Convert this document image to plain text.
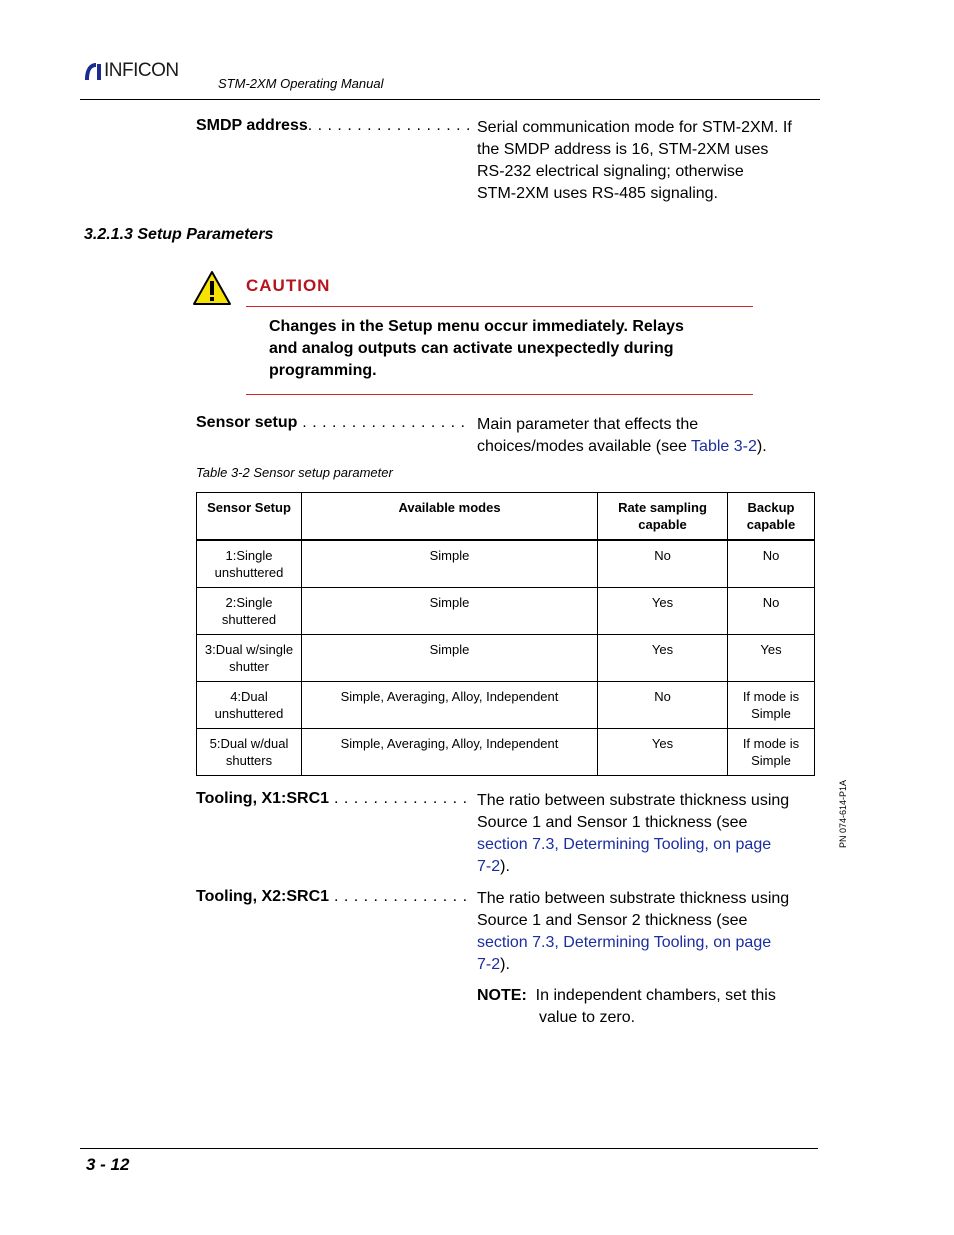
INFICON
STM-2XM Operating Manual
SMDP address. . . . . . . . . . . . . . . . . Serial communication mode for STM-2XM. If
the SMDP address is 16, STM-2XM uses
RS-232 electrical signaling; otherwise
STM-2XM uses RS-485 signaling.
3.2.1.3 Setup Parameters
CAUTION
Changes in the Setup menu occur immediately. Relays
and analog outputs can activate unexpectedly during
programming.
Sensor setup . . . . . . . . . . . . . . . . . Main parameter that effects the
choices/modes available (see Table 3-2).
Table 3-2 Sensor setup parameter
Sensor Setup	Available modes	Rate sampling capable	Backup capable
1:Single unshuttered	Simple	No	No
2:Single shuttered	Simple	Yes	No
3:Dual w/single shutter	Simple	Yes	Yes
4:Dual unshuttered	Simple, Averaging, Alloy, Independent	No	If mode is Simple
5:Dual w/dual shutters	Simple, Averaging, Alloy, Independent	Yes	If mode is Simple
Tooling, X1:SRC1 . . . . . . . . . . . . . . The ratio between substrate thickness using
Source 1 and Sensor 1 thickness (see
section 7.3, Determining Tooling, on page
7-2).
Tooling, X2:SRC1 . . . . . . . . . . . . . . The ratio between substrate thickness using
Source 1 and Sensor 2 thickness (see
section 7.3, Determining Tooling, on page
7-2).
NOTE: In independent chambers, set this
value to zero.
PN 074-614-P1A
3 - 12
